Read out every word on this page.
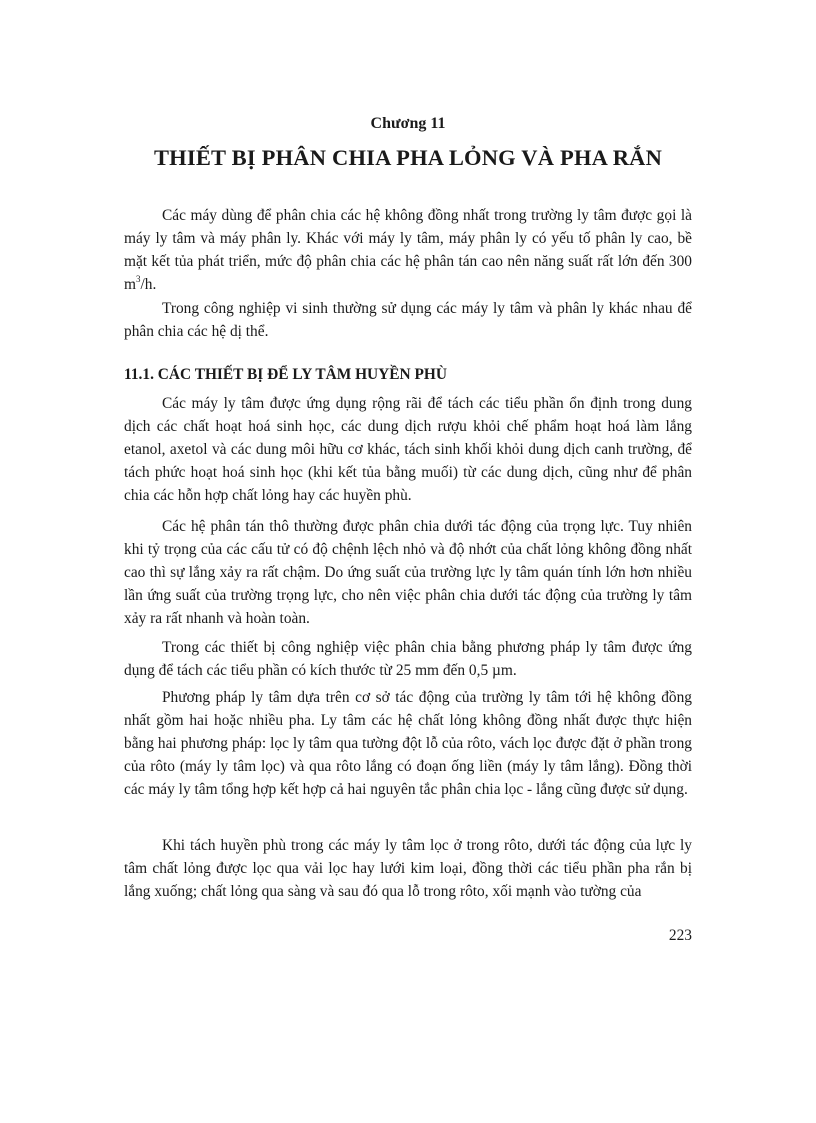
Chương 11
THIẾT BỊ PHÂN CHIA PHA LỎNG VÀ PHA RẮN

Các máy dùng để phân chia các hệ không đồng nhất trong trường ly tâm được gọi là máy ly tâm và máy phân ly. Khác với máy ly tâm, máy phân ly có yếu tố phân ly cao, bề mặt kết tủa phát triển, mức độ phân chia các hệ phân tán cao nên năng suất rất lớn đến 300 $m^3/h$.

Trong công nghiệp vi sinh thường sử dụng các máy ly tâm và phân ly khác nhau để phân chia các hệ dị thể.

11.1. CÁC THIẾT BỊ ĐỂ LY TÂM HUYỀN PHÙ

Các máy ly tâm được ứng dụng rộng rãi để tách các tiểu phần ổn định trong dung dịch các chất hoạt hoá sinh học, các dung dịch rượu khỏi chế phẩm hoạt hoá làm lắng etanol, axetol và các dung môi hữu cơ khác, tách sinh khối khỏi dung dịch canh trường, để tách phức hoạt hoá sinh học (khi kết tủa bằng muối) từ các dung dịch, cũng như để phân chia các hỗn hợp chất lỏng hay các huyền phù.

Các hệ phân tán thô thường được phân chia dưới tác động của trọng lực. Tuy nhiên khi tỷ trọng của các cấu tử có độ chệnh lệch nhỏ và độ nhớt của chất lỏng không đồng nhất cao thì sự lắng xảy ra rất chậm. Do ứng suất của trường lực ly tâm quán tính lớn hơn nhiều lần ứng suất của trường trọng lực, cho nên việc phân chia dưới tác động của trường ly tâm xảy ra rất nhanh và hoàn toàn.

Trong các thiết bị công nghiệp việc phân chia bằng phương pháp ly tâm được ứng dụng để tách các tiểu phần có kích thước từ 25 mm đến 0,5 µm.

Phương pháp ly tâm dựa trên cơ sở tác động của trường ly tâm tới hệ không đồng nhất gồm hai hoặc nhiều pha. Ly tâm các hệ chất lỏng không đồng nhất được thực hiện bằng hai phương pháp: lọc ly tâm qua tường đột lỗ của rôto, vách lọc được đặt ở phần trong của rôto (máy ly tâm lọc) và qua rôto lắng có đoạn ống liền (máy ly tâm lắng). Đồng thời các máy ly tâm tổng hợp kết hợp cả hai nguyên tắc phân chia lọc - lắng cũng được sử dụng.

Khi tách huyền phù trong các máy ly tâm lọc ở trong rôto, dưới tác động của lực ly tâm chất lỏng được lọc qua vải lọc hay lưới kim loại, đồng thời các tiểu phần pha rắn bị lắng xuống; chất lỏng qua sàng và sau đó qua lỗ trong rôto, xối mạnh vào tường của

223
